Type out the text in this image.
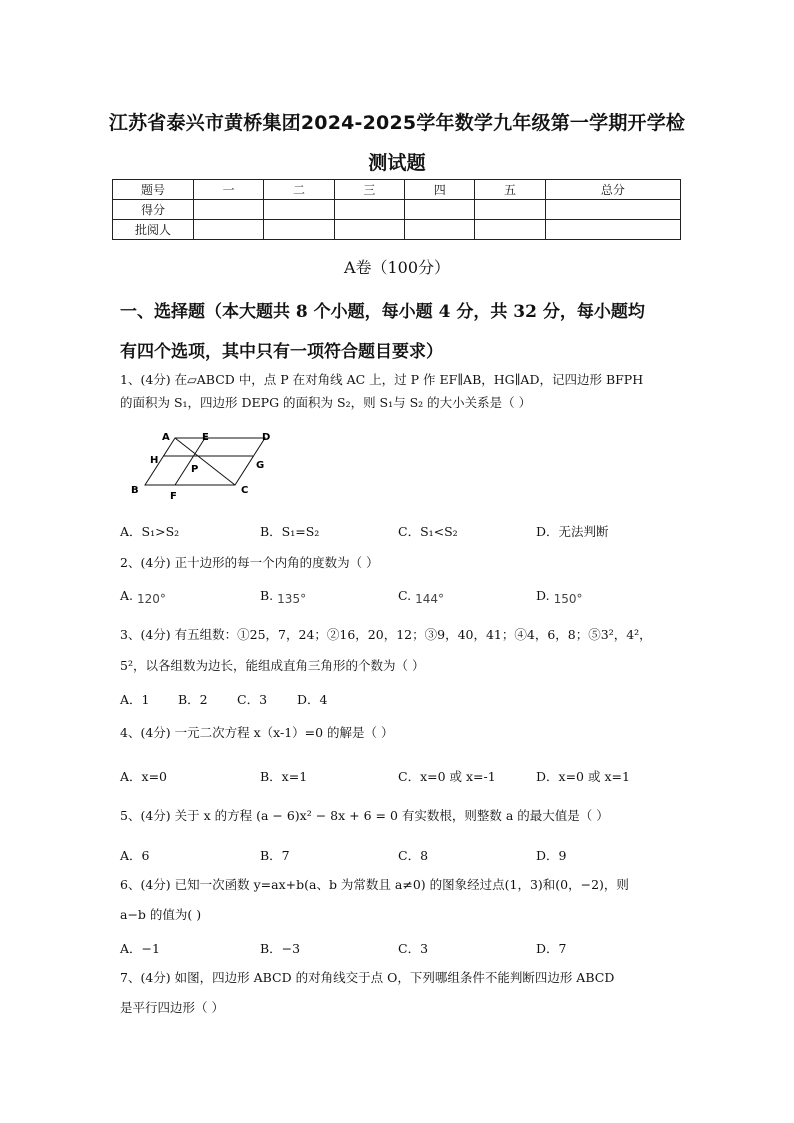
江苏省泰兴市黄桥集团2024-2025学年数学九年级第一学期开学检
测试题
题号	一	二	三	四	五	总分
得分						
批阅人						
A卷（100分）
一、选择题（本大题共 8 个小题，每小题 4 分，共 32 分，每小题均
有四个选项，其中只有一项符合题目要求）
1、(4分) 在▱ABCD 中，点 P 在对角线 AC 上，过 P 作 EF∥AB，HG∥AD，记四边形 BFPH
的面积为 S₁，四边形 DEPG 的面积为 S₂，则 S₁与 S₂ 的大小关系是（ ）
A	E	D
H
P	G
B
F
C
A．S₁>S₂	B．S₁=S₂	C．S₁<S₂	D．无法判断
2、(4分) 正十边形的每一个内角的度数为（ ）
A. 120°	B. 135°	C. 144°	D. 150°
3、(4分) 有五组数：①25，7，24；②16，20，12；③9，40，41；④4，6，8；⑤3²，4²，
5²，以各组数为边长，能组成直角三角形的个数为（ ）
A．1 B．2 C．3 D．4
4、(4分) 一元二次方程 x（x-1）=0 的解是（ ）
A．x=0	B．x=1	C．x=0 或 x=-1	D．x=0 或 x=1
5、(4分) 关于 x 的方程 (a − 6)x² − 8x + 6 = 0 有实数根，则整数 a 的最大值是（ ）
A．6	B．7	C．8	D．9
6、(4分) 已知一次函数 y=ax+b(a、b 为常数且 a≠0) 的图象经过点(1，3)和(0，−2)，则
a−b 的值为( )
A．−1	B．−3	C．3	D．7
7、(4分) 如图，四边形 ABCD 的对角线交于点 O，下列哪组条件不能判断四边形 ABCD
是平行四边形（ ）
